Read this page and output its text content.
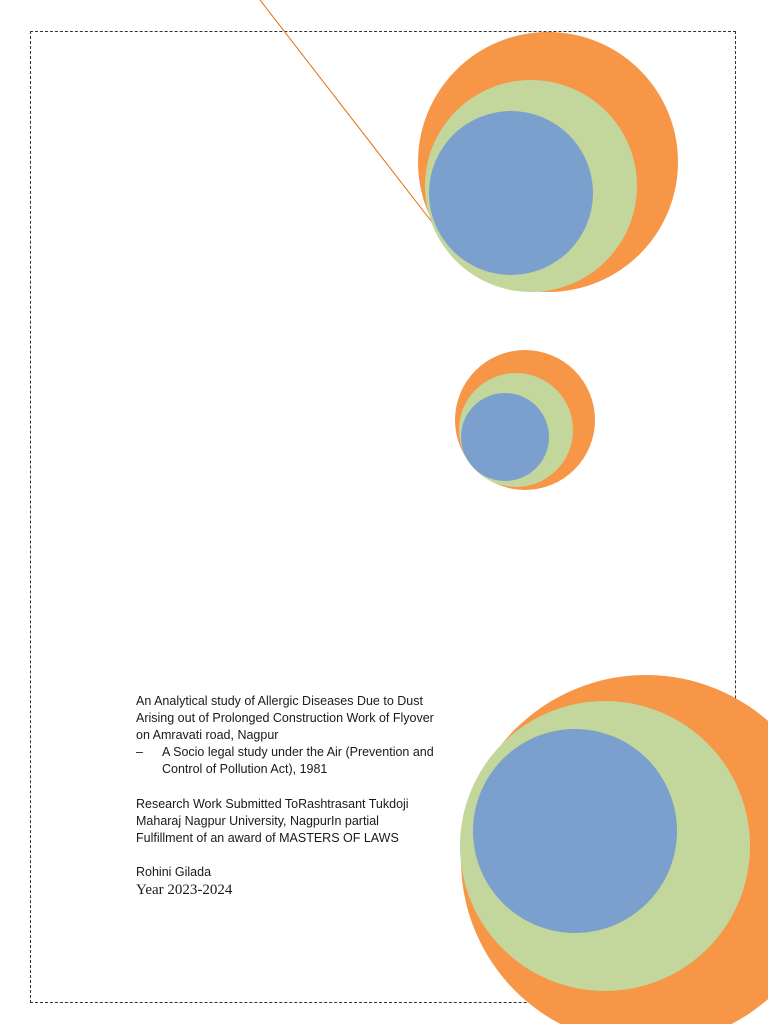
An Analytical study of Allergic Diseases Due to Dust
Arising out of Prolonged Construction Work of Flyover
on Amravati road, Nagpur

– A Socio legal study under the Air (Prevention and
Control of Pollution Act), 1981

Research Work Submitted ToRashtrasant Tukdoji
Maharaj Nagpur University, NagpurIn partial
Fulfillment of an award of MASTERS OF LAWS

Rohini Gilada

Year 2023-2024
